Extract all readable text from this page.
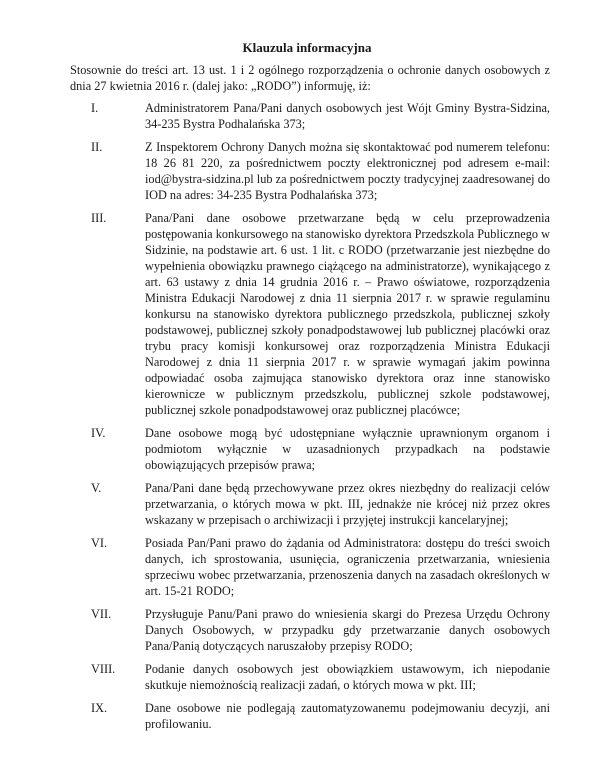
Klauzula informacyjna
Stosownie do treści art. 13 ust. 1 i 2 ogólnego rozporządzenia o ochronie danych osobowych z dnia 27 kwietnia 2016 r. (dalej jako: „RODO”) informuję, iż:
I.	Administratorem Pana/Pani danych osobowych jest Wójt Gminy Bystra-Sidzina, 34-235 Bystra Podhalańska 373;
II.	Z Inspektorem Ochrony Danych można się skontaktować pod numerem telefonu: 18 26 81 220, za pośrednictwem poczty elektronicznej pod adresem e-mail: iod@bystra-sidzina.pl lub za pośrednictwem poczty tradycyjnej zaadresowanej do IOD na adres: 34-235 Bystra Podhalańska 373;
III.	Pana/Pani dane osobowe przetwarzane będą w celu przeprowadzenia postępowania konkursowego na stanowisko dyrektora Przedszkola Publicznego w Sidzinie, na podstawie art. 6 ust. 1 lit. c RODO (przetwarzanie jest niezbędne do wypełnienia obowiązku prawnego ciążącego na administratorze), wynikającego z art. 63 ustawy z dnia 14 grudnia 2016 r. – Prawo oświatowe, rozporządzenia Ministra Edukacji Narodowej z dnia 11 sierpnia 2017 r. w sprawie regulaminu konkursu na stanowisko dyrektora publicznego przedszkola, publicznej szkoły podstawowej, publicznej szkoły ponadpodstawowej lub publicznej placówki oraz trybu pracy komisji konkursowej oraz rozporządzenia Ministra Edukacji Narodowej z dnia 11 sierpnia 2017 r. w sprawie wymagań jakim powinna odpowiadać osoba zajmująca stanowisko dyrektora oraz inne stanowisko kierownicze w publicznym przedszkolu, publicznej szkole podstawowej, publicznej szkole ponadpodstawowej oraz publicznej placówce;
IV.	Dane osobowe mogą być udostępniane wyłącznie uprawnionym organom i podmiotom wyłącznie w uzasadnionych przypadkach na podstawie obowiązujących przepisów prawa;
V.	Pana/Pani dane będą przechowywane przez okres niezbędny do realizacji celów przetwarzania, o których mowa w pkt. III, jednakże nie krócej niż przez okres wskazany w przepisach o archiwizacji i przyjętej instrukcji kancelaryjnej;
VI.	Posiada Pan/Pani prawo do żądania od Administratora: dostępu do treści swoich danych, ich sprostowania, usunięcia, ograniczenia przetwarzania, wniesienia sprzeciwu wobec przetwarzania, przenoszenia danych na zasadach określonych w art. 15-21 RODO;
VII.	Przysługuje Panu/Pani prawo do wniesienia skargi do Prezesa Urzędu Ochrony Danych Osobowych, w przypadku gdy przetwarzanie danych osobowych Pana/Panią dotyczących naruszałoby przepisy RODO;
VIII. Podanie danych osobowych jest obowiązkiem ustawowym, ich niepodanie skutkuje niemożnością realizacji zadań, o których mowa w pkt. III;
IX.	Dane osobowe nie podlegają zautomatyzowanemu podejmowaniu decyzji, ani profilowaniu.
